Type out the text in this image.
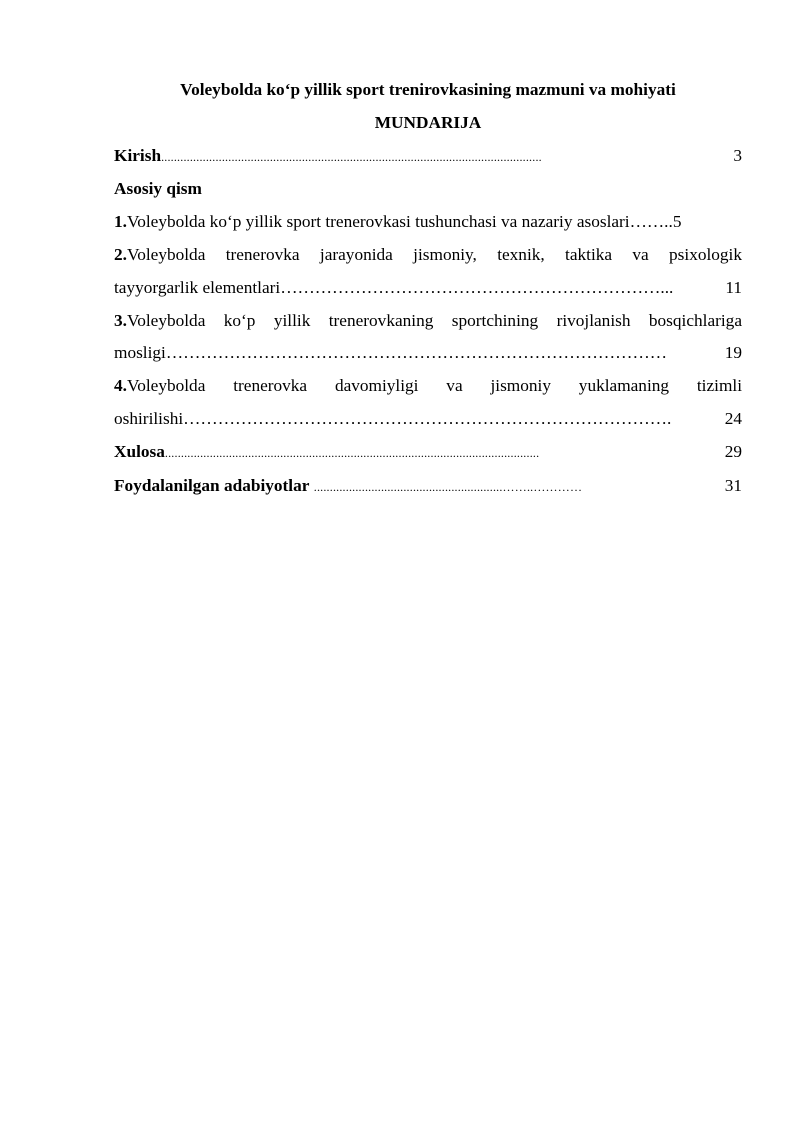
Voleybolda ko‘p yillik sport trenirovkasining mazmuni va mohiyati

MUNDARIJA

Kirish .......................................................................................................................	3
Asosiy qism
1.Voleybolda ko‘p yillik sport trenerovkasi tushunchasi va nazariy asoslari……..5
2.Voleybolda trenerovka jarayonida jismoniy, texnik, taktika va psixologik
tayyorgarlik elementlari …………………………………………………………...	11
3.Voleybolda ko‘p yillik trenerovkaning sportchining rivojlanish bosqichlariga
mosligi ……………………………………………………………………………	19
4.Voleybolda trenerovka davomiyligi va jismoniy yuklamaning tizimli
oshirilishi ………………………………………………………………………….	24
Xulosa .....................................................................................................................	29
Foydalanilgan adabiyotlar
...........................................................……..…………	31
